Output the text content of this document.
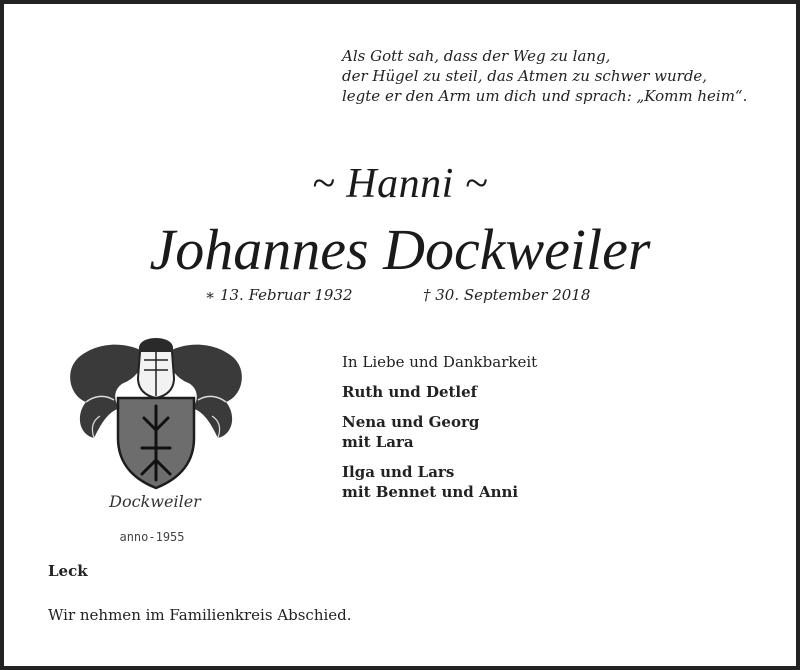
Als Gott sah, dass der Weg zu lang,
der Hügel zu steil, das Atmen zu schwer wurde,
legte er den Arm um dich und sprach: „Komm heim“.
~ Hanni ~
Johannes Dockweiler
∗ 13. Februar 1932	† 30. September 2018
Dockweiler
anno-1955
In Liebe und Dankbarkeit
Ruth und Detlef
Nena und Georg
mit Lara
Ilga und Lars
mit Bennet und Anni
Leck
Wir nehmen im Familienkreis Abschied.
